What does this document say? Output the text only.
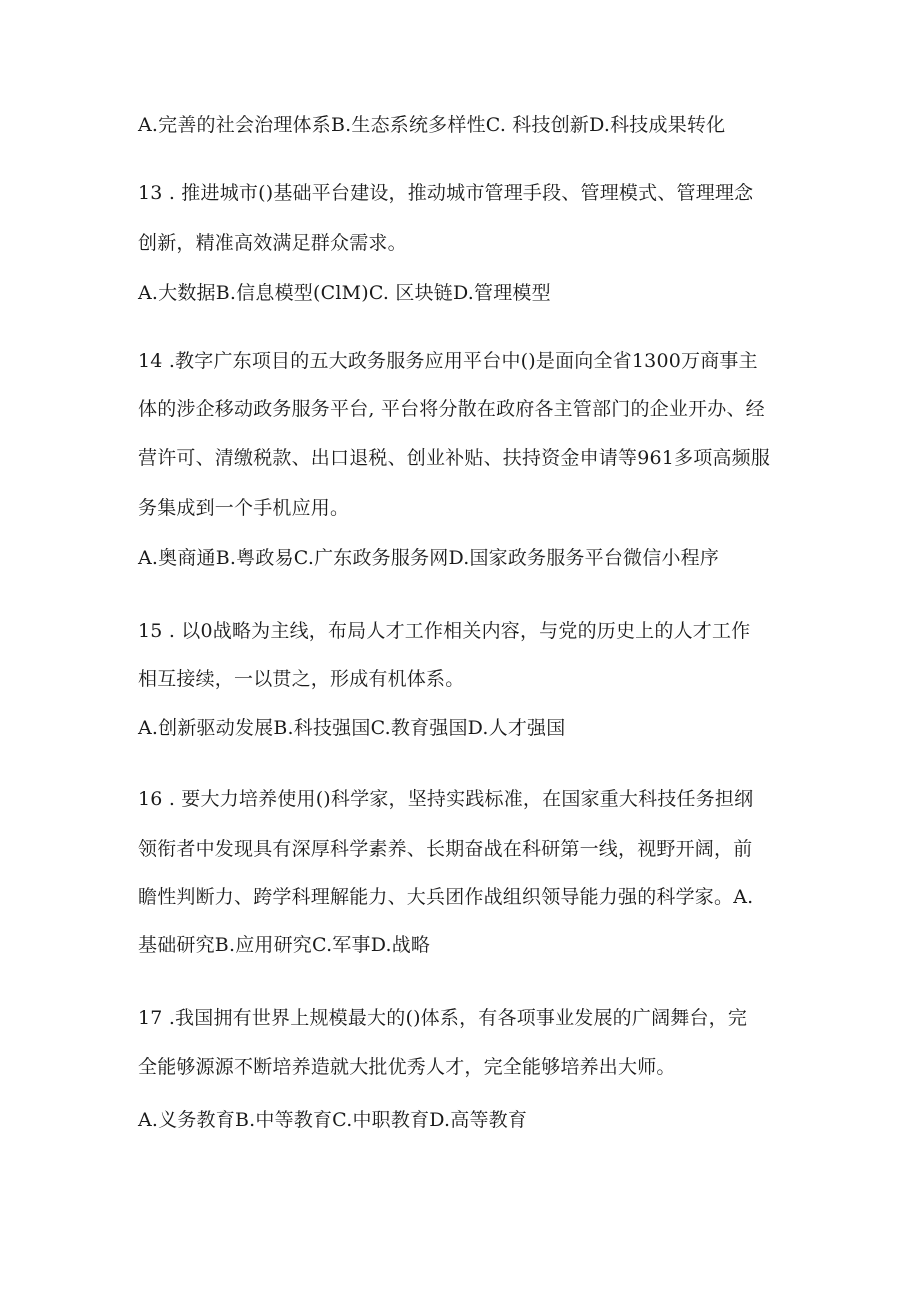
A.完善的社会治理体系B.生态系统多样性C. 科技创新D.科技成果转化
13 . 推进城市()基础平台建设，推动城市管理手段、管理模式、管理理念
创新，精准高效满足群众需求。
A.大数据B.信息模型(ClM)C. 区块链D.管理模型
14 .教字广东项目的五大政务服务应用平台中()是面向全省1300万商事主
体的涉企移动政务服务平台, 平台将分散在政府各主管部门的企业开办、经
营许可、清缴税款、出口退税、创业补贴、扶持资金申请等961多项高频服
务集成到一个手机应用。
A.奥商通B.粤政易C.广东政务服务网D.国家政务服务平台微信小程序
15 . 以0战略为主线，布局人才工作相关内容，与党的历史上的人才工作
相互接续，一以贯之，形成有机体系。
A.创新驱动发展B.科技强国C.教育强国D.人才强国
16 . 要大力培养使用()科学家，坚持实践标准，在国家重大科技任务担纲
领衔者中发现具有深厚科学素养、长期奋战在科研第一线，视野开阔，前
瞻性判断力、跨学科理解能力、大兵团作战组织领导能力强的科学家。A.
基础研究B.应用研究C.军事D.战略
17 .我国拥有世界上规模最大的()体系，有各项事业发展的广阔舞台，完
全能够源源不断培养造就大批优秀人才，完全能够培养出大师。
A.义务教育B.中等教育C.中职教育D.高等教育
